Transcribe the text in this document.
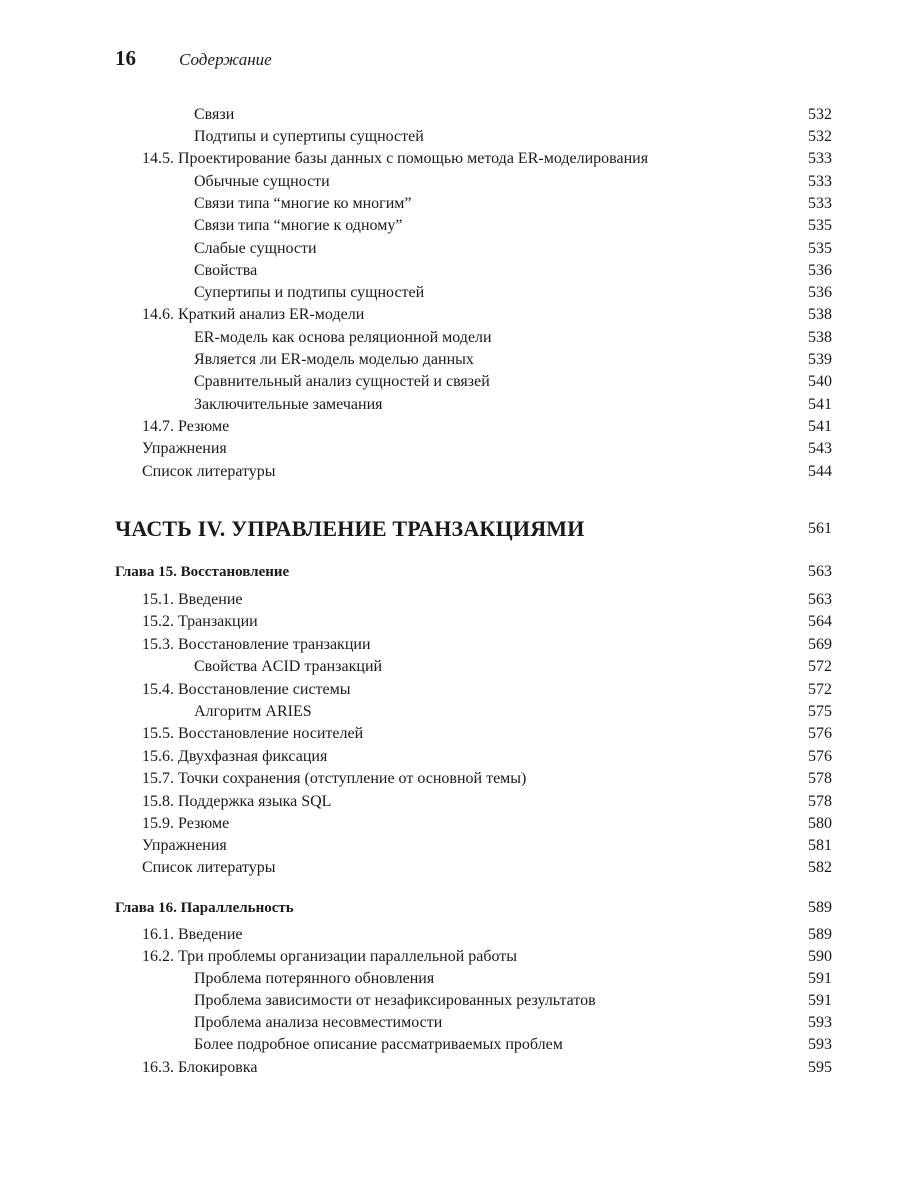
16	Содержание
Связи	532
Подтипы и супертипы сущностей	532
14.5. Проектирование базы данных с помощью метода ER-моделирования	533
Обычные сущности	533
Связи типа “многие ко многим”	533
Связи типа “многие к одному”	535
Слабые сущности	535
Свойства	536
Супертипы и подтипы сущностей	536
14.6. Краткий анализ ER-модели	538
ER-модель как основа реляционной модели	538
Является ли ER-модель моделью данных	539
Сравнительный анализ сущностей и связей	540
Заключительные замечания	541
14.7. Резюме	541
Упражнения	543
Список литературы	544
ЧАСТЬ IV. УПРАВЛЕНИЕ ТРАНЗАКЦИЯМИ	561
Глава 15. Восстановление	563
15.1. Введение	563
15.2. Транзакции	564
15.3. Восстановление транзакции	569
Свойства ACID транзакций	572
15.4. Восстановление системы	572
Алгоритм ARIES	575
15.5. Восстановление носителей	576
15.6. Двухфазная фиксация	576
15.7. Точки сохранения (отступление от основной темы)	578
15.8. Поддержка языка SQL	578
15.9. Резюме	580
Упражнения	581
Список литературы	582
Глава 16. Параллельность	589
16.1. Введение	589
16.2. Три проблемы организации параллельной работы	590
Проблема потерянного обновления	591
Проблема зависимости от незафиксированных результатов	591
Проблема анализа несовместимости	593
Более подробное описание рассматриваемых проблем	593
16.3. Блокировка	595
